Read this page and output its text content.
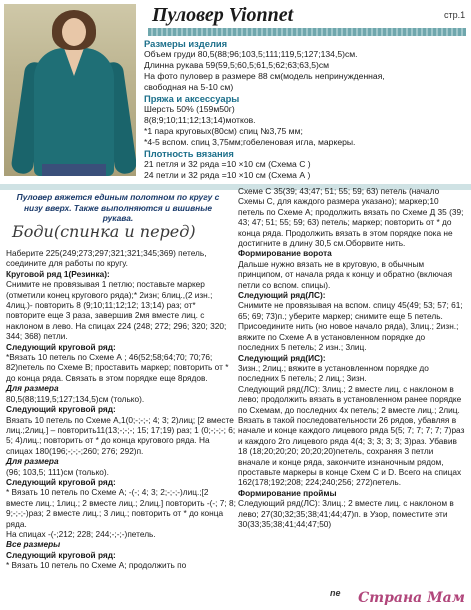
Пуловер Vionnet	стр.1
Размеры изделия
Объем груди 80,5(88;96;103,5;111;119,5;127;134,5)см.
Длинна рукава 59(59,5;60,5;61,5;62;63;63,5)см
На фото пуловер в размере 88 см(модель непринужденная,
свободная на 5-10 см)
Пряжа и аксессуары
Шерсть 50% (159м50г)
8(8;9;10;11;12;13;14)мотков.
*1 пара круговых(80см) спиц №3,75 мм;
*4-5 вспом. спиц 3,75мм;гобеленовая игла, маркеры.
Плотность вязания
21 петля и 32 ряда =10 ×10 см (Схема С )
24 петли и 32 ряда =10 ×10 см (Схема А )
Пуловер вяжется единым полотном по кругу с низу вверх. Также выполняются и вшивные рукава.
Боди(спинка и перед)
Наберите 225(249;273;297;321;321;345;369) петель, соедините для работы по кругу.
Круговой ряд 1(Резинка):
Снимите не провязывая 1 петлю; поставьте маркер (отметили конец кругового ряда);* 2изн; 6лиц.,(2 изн.; 4лиц.)- повторить 8 (9;10;11;12;12; 13;14) раз; от* повторите еще 3 раза, завершив 2мя вместе лиц. с наклоном в лево. На спицах 224 (248; 272; 296; 320; 320; 344; 368) петли.
Следующий круговой ряд:
*Вязать 10 петель по Схеме А ; 46(52;58;64;70; 70;76; 82)петель по Схеме В; проставить маркер; повторить от * до конца ряда. Связать в этом порядке еще 8рядов.
Для размера
80,5(88;119,5;127;134,5)см (только).
Следующий круговой ряд:
Вязать 10 петель по Схеме А,1(0;-;-;-; 4; 3; 2)лиц; [2 вместе лиц.;2лиц.] – повторить11(13;-;-;-; 15; 17;19) раз; 1 (0;-;-;-; 6; 5; 4)лиц.; повторить от * до конца кругового ряда. На спицах 180(196;-;-;-;260; 276; 292)п.
Для размера
(96; 103,5; 111)см (только).
Следующий круговой ряд:
* Вязать 10 петель по Схеме А; -(-; 4; 3; 2;-;-;-)лиц.;[2 вместе лиц.; 1лиц.; 2 вместе лиц.; 2лиц.] повторить -(-; 7; 8; 9;-;-;-)раз; 2 вместе лиц.; 3 лиц.; повторить от * до конца ряда.
На спицах -(-;212; 228; 244;-;-;-)петель.
Все размеры
Следующий круговой ряд:
* Вязать 10 петель по Схеме А; продолжить по
Схеме С 35(39; 43;47; 51; 55; 59; 63) петель (начало Схемы С, для каждого размера указано); маркер;10 петель по Схеме А; продолжить вязать по Схеме Д 35 (39; 43; 47; 51; 55; 59; 63) петель; маркер; повторить от * до конца ряда. Продолжить вязать в этом порядке пока не достигните в длину 30,5 см.Оборвите нить.
Формирование ворота
Дальше нужно вязать не в круговую, в обычным принципом, от начала ряда к концу и обратно (включая петли со вспом. спицы).
Следующий ряд(ЛС):
Снимите не провязывая на вспом. спицу 45(49; 53; 57; 61; 65; 69; 73)п.; уберите маркер; снимите еще 5 петель.
Присоедините нить (но новое начало ряда), 3лиц.; 2изн.; вяжите по Схеме А в установленном порядке до последних 5 петель; 2 изн.; 3лиц.
Следующий ряд(ИС):
3изн.; 2лиц.; вяжите в установленном порядке до последних 5 петель; 2 лиц.; 3изн.
Следующий ряд(ЛС): 3лиц.; 2 вместе лиц. с наклоном в лево; продолжить вязать в установленном ранее порядке по Схемам, до последних 4х петель; 2 вместе лиц.; 2лиц.
Вязать в такой последовательности 26 рядов, убавляя в начале и конце каждого лицевого ряда 5(5; 7; 7; 7; 7; 7)раз и каждого 2го лицевого ряда 4(4; 3; 3; 3; 3; 3)раз. Убавив 18 (18;20;20;20; 20;20;20)петель, сохраняя 3 петли вначале и конце ряда, закончите изнаночным рядом, проставьте маркеры в конце Схем С и D. Всего на спицах 162(178;192;208; 224;240;256; 272)петель.
Формирование проймы
Следующий ряд(ЛС): 3лиц.; 2 вместе лиц. с наклоном в лево; 27(30;32;35;38;41;44;47)п. в Узор, поместите эти 30(33;35;38;41;44;47;50)
ne Страна Мам
